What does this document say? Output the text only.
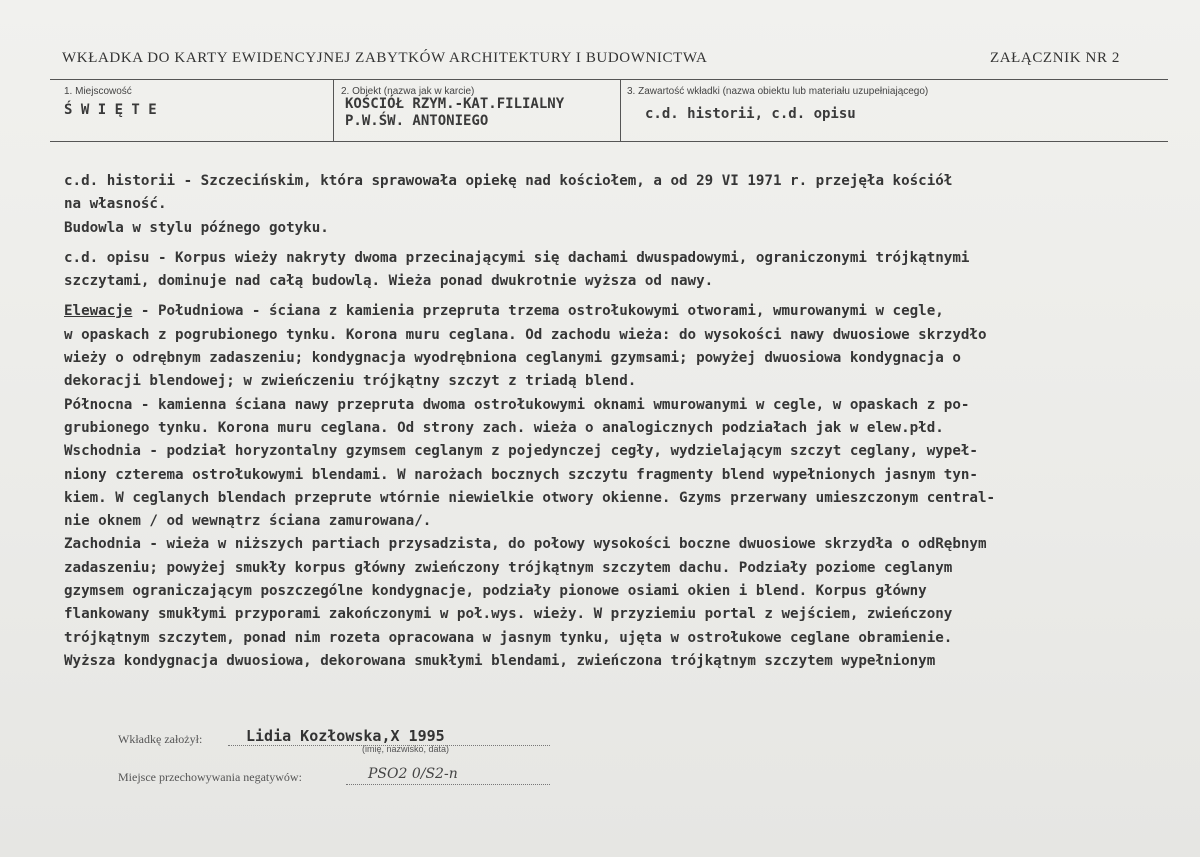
WKŁADKA DO KARTY EWIDENCYJNEJ ZABYTKÓW ARCHITEKTURY I BUDOWNICTWA	ZAŁĄCZNIK NR 2
1. Miejscowość
Ś W I Ę T E
2. Obiekt (nazwa jak w karcie)
KOŚCIÓŁ RZYM.-KAT.FILIALNY
P.W.ŚW. ANTONIEGO
3. Zawartość wkładki (nazwa obiektu lub materiału uzupełniającego)
c.d. historii, c.d. opisu

c.d. historii - Szczecińskim, która sprawowała opiekę nad kościołem, a od 29 VI 1971 r. przejęła kościół

na własność.

Budowla w stylu późnego gotyku.

c.d. opisu - Korpus wieży nakryty dwoma przecinającymi się dachami dwuspadowymi, ograniczonymi trójkątnymi

szczytami, dominuje nad całą budowlą. Wieża ponad dwukrotnie wyższa od nawy.

Elewacje - Południowa - ściana z kamienia przepruta trzema ostrołukowymi otworami, wmurowanymi w cegle,

w opaskach z pogrubionego tynku. Korona muru ceglana. Od zachodu wieża: do wysokości nawy dwuosiowe skrzydło

wieży o odrębnym zadaszeniu; kondygnacja wyodrębniona ceglanymi gzymsami; powyżej dwuosiowa kondygnacja o

dekoracji blendowej; w zwieńczeniu trójkątny szczyt z triadą blend.

Północna - kamienna ściana nawy przepruta dwoma ostrołukowymi oknami wmurowanymi w cegle, w opaskach z po-

grubionego tynku. Korona muru ceglana. Od strony zach. wieża o analogicznych podziałach jak w elew.płd.

Wschodnia - podział horyzontalny gzymsem ceglanym z pojedynczej cegły, wydzielającym szczyt ceglany, wypeł-

niony czterema ostrołukowymi blendami. W narożach bocznych szczytu fragmenty blend wypełnionych jasnym tyn-

kiem. W ceglanych blendach przeprute wtórnie niewielkie otwory okienne. Gzyms przerwany umieszczonym central-

nie oknem / od wewnątrz ściana zamurowana/.

Zachodnia - wieża w niższych partiach przysadzista, do połowy wysokości boczne dwuosiowe skrzydła o odRębnym

zadaszeniu; powyżej smukły korpus główny zwieńczony trójkątnym szczytem dachu. Podziały poziome ceglanym

gzymsem ograniczającym poszczególne kondygnacje, podziały pionowe osiami okien i blend. Korpus główny

flankowany smukłymi przyporami zakończonymi w poł.wys. wieży. W przyziemiu portal z wejściem, zwieńczony

trójkątnym szczytem, ponad nim rozeta opracowana w jasnym tynku, ujęta w ostrołukowe ceglane obramienie.

Wyższa kondygnacja dwuosiowa, dekorowana smukłymi blendami, zwieńczona trójkątnym szczytem wypełnionym

Wkładkę założył:	Lidia Kozłowska,X 1995
(imię, nazwisko, data)
Miejsce przechowywania negatywów:	PSO2 0/S2-n
